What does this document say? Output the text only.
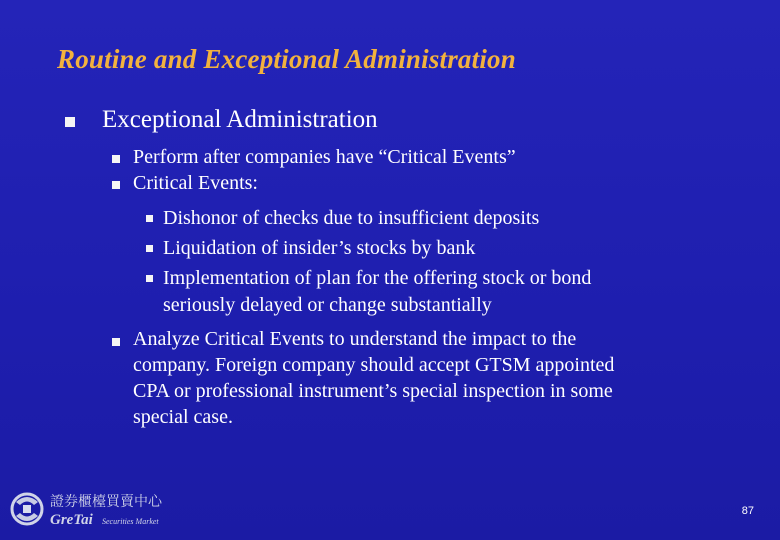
Routine and Exceptional Administration
Exceptional Administration
Perform after companies have “Critical Events”
Critical Events:
Dishonor of checks due to insufficient deposits
Liquidation of insider’s stocks by bank
Implementation of plan for the offering stock or bond
seriously delayed or change substantially
Analyze Critical Events to understand the impact to the
company. Foreign company should accept GTSM appointed
CPA or professional instrument’s special inspection in some
special case.
證券櫃檯買賣中心
GreTai Securities Market
87
